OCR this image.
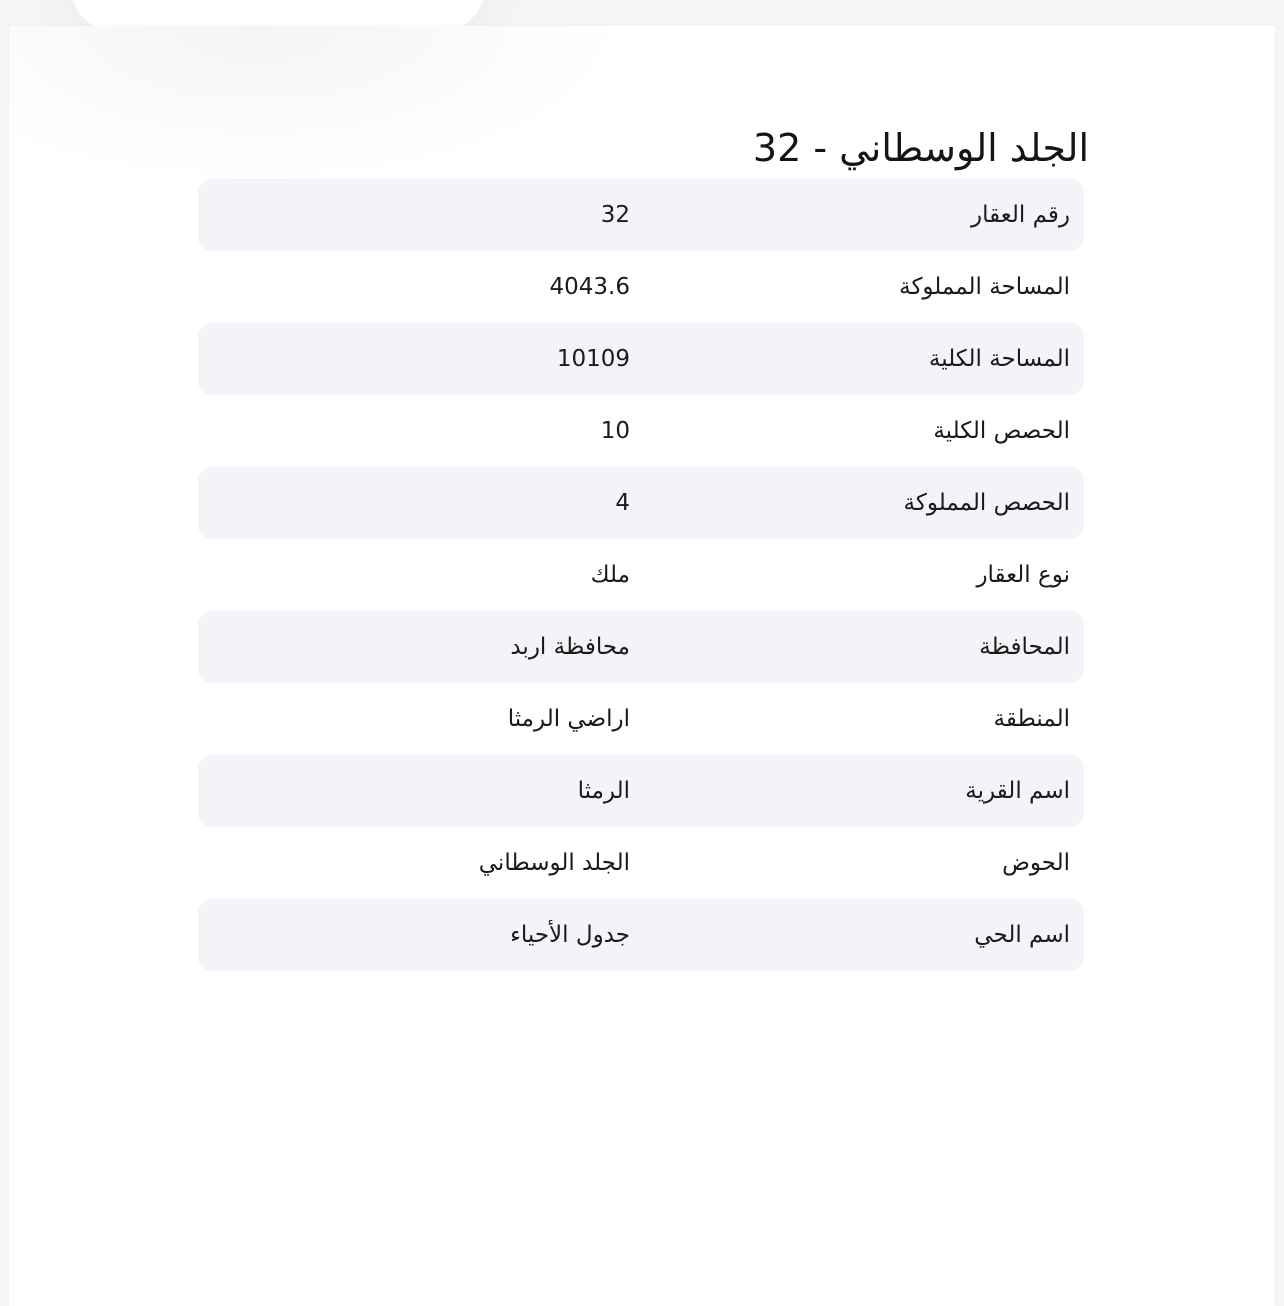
الجلد الوسطاني - 32
رقم العقار
32
المساحة المملوكة
4043.6
المساحة الكلية
10109
الحصص الكلية
10
الحصص المملوكة
4
نوع العقار
ملك
المحافظة
محافظة اربد
المنطقة
اراضي الرمثا
اسم القرية
الرمثا
الحوض
الجلد الوسطاني
اسم الحي
جدول الأحياء
